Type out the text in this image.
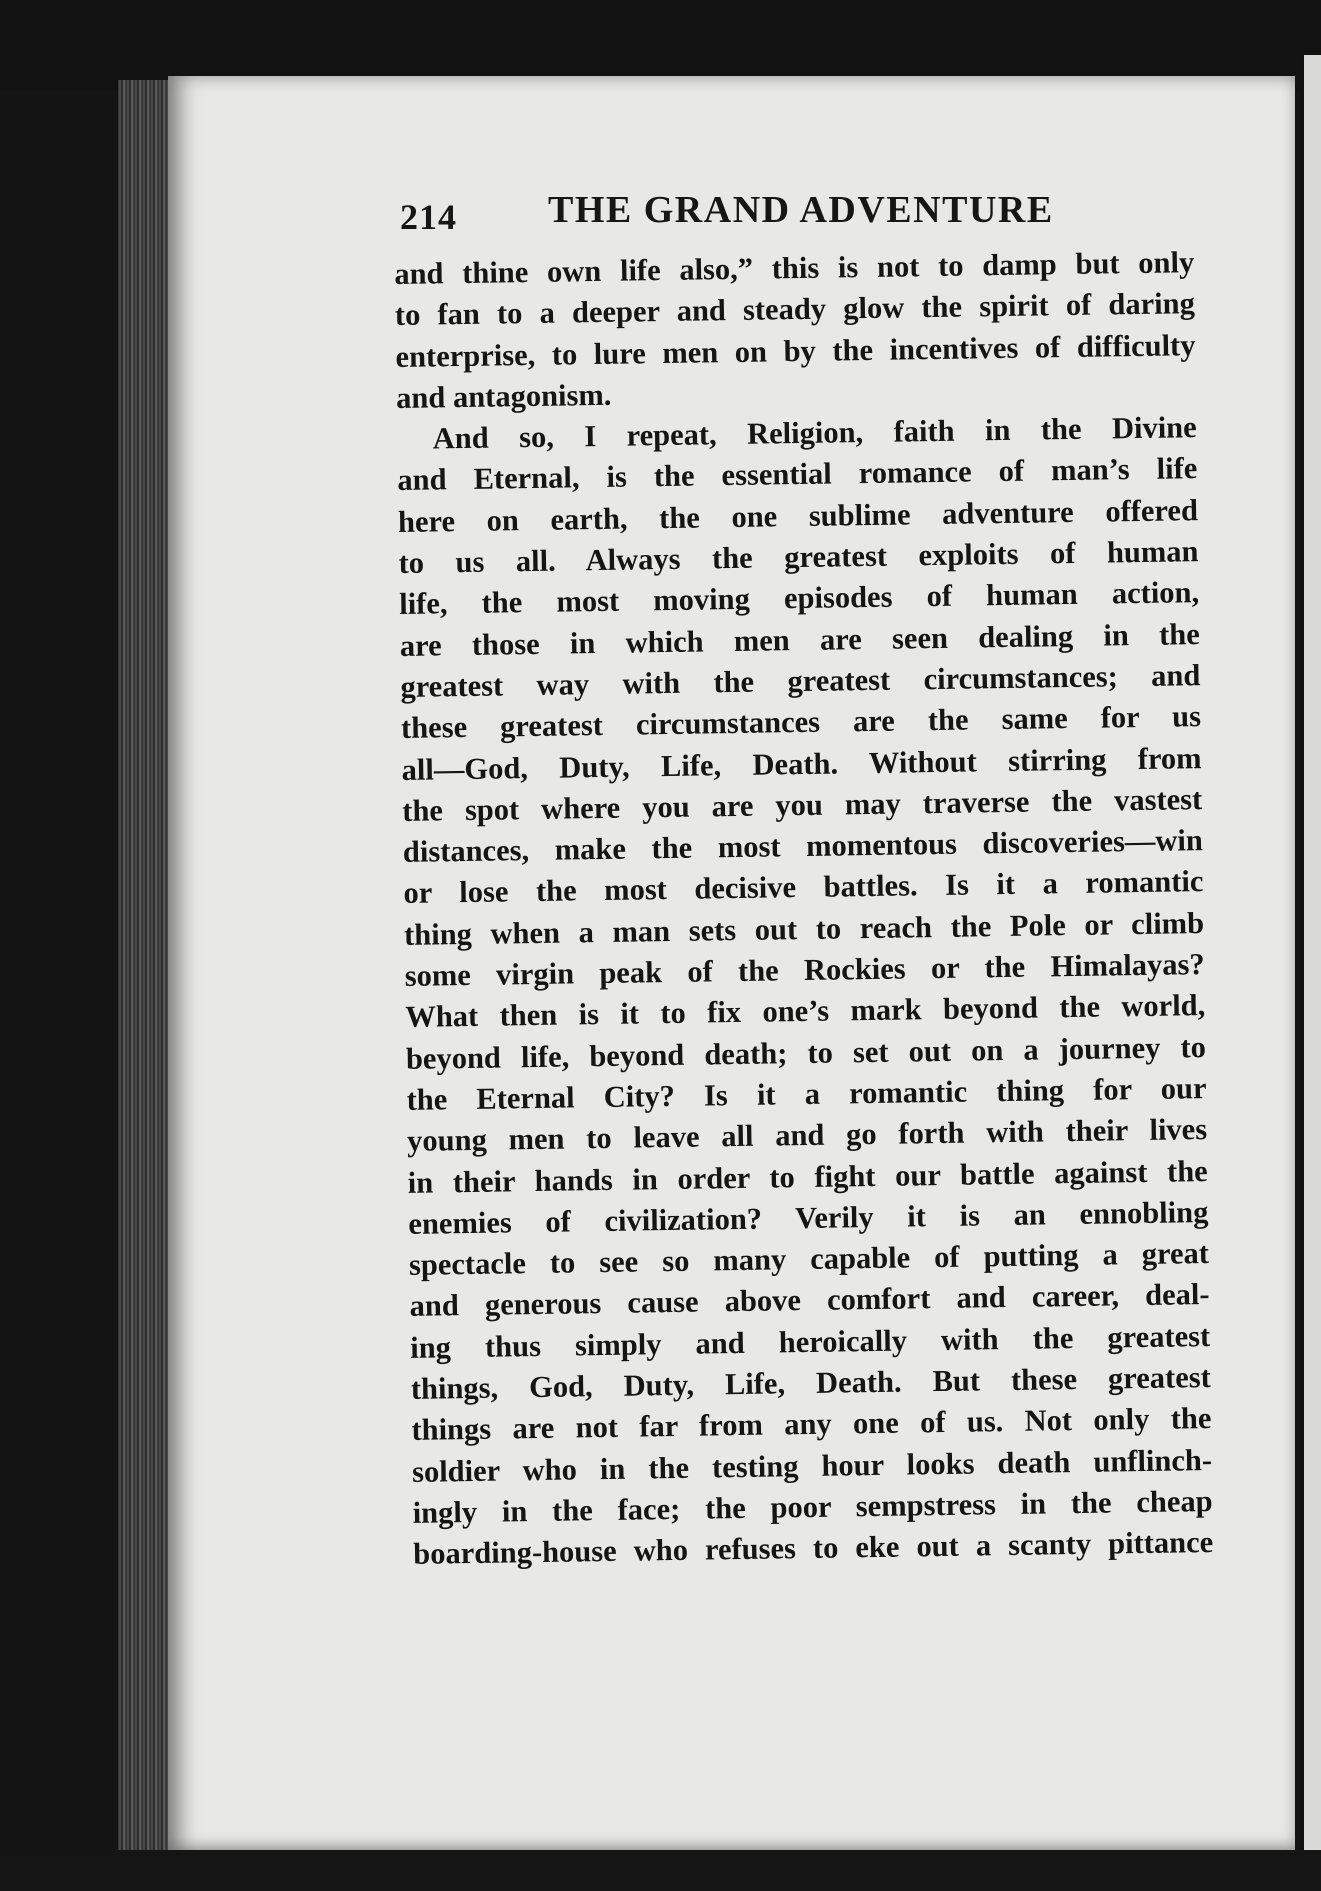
214 THE GRAND ADVENTURE
and thine own life also,” this is not to damp but only
to fan to a deeper and steady glow the spirit of daring
enterprise, to lure men on by the incentives of difficulty
and antagonism.
And so, I repeat, Religion, faith in the Divine
and Eternal, is the essential romance of man’s life
here on earth, the one sublime adventure offered
to us all. Always the greatest exploits of human
life, the most moving episodes of human action,
are those in which men are seen dealing in the
greatest way with the greatest circumstances; and
these greatest circumstances are the same for us
all—God, Duty, Life, Death. Without stirring from
the spot where you are you may traverse the vastest
distances, make the most momentous discoveries—win
or lose the most decisive battles. Is it a romantic
thing when a man sets out to reach the Pole or climb
some virgin peak of the Rockies or the Himalayas?
What then is it to fix one’s mark beyond the world,
beyond life, beyond death; to set out on a journey to
the Eternal City? Is it a romantic thing for our
young men to leave all and go forth with their lives
in their hands in order to fight our battle against the
enemies of civilization? Verily it is an ennobling
spectacle to see so many capable of putting a great
and generous cause above comfort and career, deal-
ing thus simply and heroically with the greatest
things, God, Duty, Life, Death. But these greatest
things are not far from any one of us. Not only the
soldier who in the testing hour looks death unflinch-
ingly in the face; the poor sempstress in the cheap
boarding-house who refuses to eke out a scanty pittance
